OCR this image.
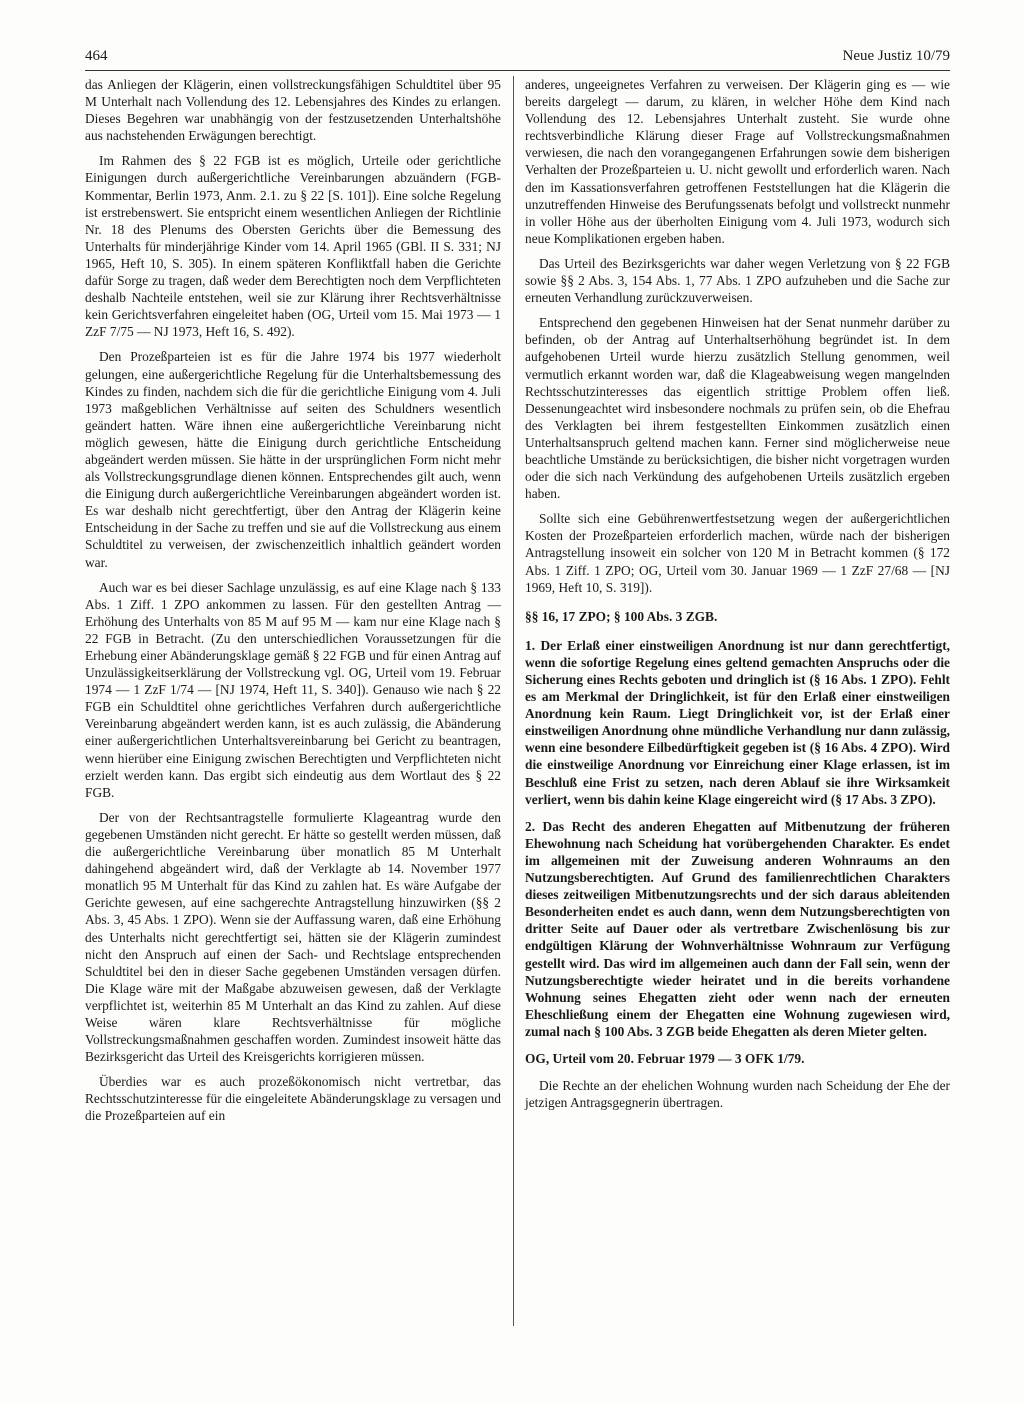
464	Neue Justiz 10/79

das Anliegen der Klägerin, einen vollstreckungsfähigen Schuldtitel über 95 M Unterhalt nach Vollendung des 12. Lebensjahres des Kindes zu erlangen. Dieses Begehren war unabhängig von der festzusetzenden Unterhaltshöhe aus nachstehenden Erwägungen berechtigt.

Im Rahmen des § 22 FGB ist es möglich, Urteile oder gerichtliche Einigungen durch außergerichtliche Vereinbarungen abzuändern (FGB-Kommentar, Berlin 1973, Anm. 2.1. zu § 22 [S. 101]). Eine solche Regelung ist erstrebenswert. Sie entspricht einem wesentlichen Anliegen der Richtlinie Nr. 18 des Plenums des Obersten Gerichts über die Bemessung des Unterhalts für minderjährige Kinder vom 14. April 1965 (GBl. II S. 331; NJ 1965, Heft 10, S. 305). In einem späteren Konfliktfall haben die Gerichte dafür Sorge zu tragen, daß weder dem Berechtigten noch dem Verpflichteten deshalb Nachteile entstehen, weil sie zur Klärung ihrer Rechtsverhältnisse kein Gerichtsverfahren eingeleitet haben (OG, Urteil vom 15. Mai 1973 — 1 ZzF 7/75 — NJ 1973, Heft 16, S. 492).

Den Prozeßparteien ist es für die Jahre 1974 bis 1977 wiederholt gelungen, eine außergerichtliche Regelung für die Unterhaltsbemessung des Kindes zu finden, nachdem sich die für die gerichtliche Einigung vom 4. Juli 1973 maßgeblichen Verhältnisse auf seiten des Schuldners wesentlich geändert hatten. Wäre ihnen eine außergerichtliche Vereinbarung nicht möglich gewesen, hätte die Einigung durch gerichtliche Entscheidung abgeändert werden müssen. Sie hätte in der ursprünglichen Form nicht mehr als Vollstreckungsgrundlage dienen können. Entsprechendes gilt auch, wenn die Einigung durch außergerichtliche Vereinbarungen abgeändert worden ist. Es war deshalb nicht gerechtfertigt, über den Antrag der Klägerin keine Entscheidung in der Sache zu treffen und sie auf die Vollstreckung aus einem Schuldtitel zu verweisen, der zwischenzeitlich inhaltlich geändert worden war.

Auch war es bei dieser Sachlage unzulässig, es auf eine Klage nach § 133 Abs. 1 Ziff. 1 ZPO ankommen zu lassen. Für den gestellten Antrag — Erhöhung des Unterhalts von 85 M auf 95 M — kam nur eine Klage nach § 22 FGB in Betracht. (Zu den unterschiedlichen Voraussetzungen für die Erhebung einer Abänderungsklage gemäß § 22 FGB und für einen Antrag auf Unzulässigkeitserklärung der Vollstreckung vgl. OG, Urteil vom 19. Februar 1974 — 1 ZzF 1/74 — [NJ 1974, Heft 11, S. 340]). Genauso wie nach § 22 FGB ein Schuldtitel ohne gerichtliches Verfahren durch außergerichtliche Vereinbarung abgeändert werden kann, ist es auch zulässig, die Abänderung einer außergerichtlichen Unterhaltsvereinbarung bei Gericht zu beantragen, wenn hierüber eine Einigung zwischen Berechtigten und Verpflichteten nicht erzielt werden kann. Das ergibt sich eindeutig aus dem Wortlaut des § 22 FGB.

Der von der Rechtsantragstelle formulierte Klageantrag wurde den gegebenen Umständen nicht gerecht. Er hätte so gestellt werden müssen, daß die außergerichtliche Vereinbarung über monatlich 85 M Unterhalt dahingehend abgeändert wird, daß der Verklagte ab 14. November 1977 monatlich 95 M Unterhalt für das Kind zu zahlen hat. Es wäre Aufgabe der Gerichte gewesen, auf eine sachgerechte Antragstellung hinzuwirken (§§ 2 Abs. 3, 45 Abs. 1 ZPO). Wenn sie der Auffassung waren, daß eine Erhöhung des Unterhalts nicht gerechtfertigt sei, hätten sie der Klägerin zumindest nicht den Anspruch auf einen der Sach- und Rechtslage entsprechenden Schuldtitel bei den in dieser Sache gegebenen Umständen versagen dürfen. Die Klage wäre mit der Maßgabe abzuweisen gewesen, daß der Verklagte verpflichtet ist, weiterhin 85 M Unterhalt an das Kind zu zahlen. Auf diese Weise wären klare Rechtsverhältnisse für mögliche Vollstreckungsmaßnahmen geschaffen worden. Zumindest insoweit hätte das Bezirksgericht das Urteil des Kreisgerichts korrigieren müssen.

Überdies war es auch prozeßökonomisch nicht vertretbar, das Rechtsschutzinteresse für die eingeleitete Abänderungsklage zu versagen und die Prozeßparteien auf ein

anderes, ungeeignetes Verfahren zu verweisen. Der Klägerin ging es — wie bereits dargelegt — darum, zu klären, in welcher Höhe dem Kind nach Vollendung des 12. Lebensjahres Unterhalt zusteht. Sie wurde ohne rechtsverbindliche Klärung dieser Frage auf Vollstreckungsmaßnahmen verwiesen, die nach den vorangegangenen Erfahrungen sowie dem bisherigen Verhalten der Prozeßparteien u. U. nicht gewollt und erforderlich waren. Nach den im Kassationsverfahren getroffenen Feststellungen hat die Klägerin die unzutreffenden Hinweise des Berufungssenats befolgt und vollstreckt nunmehr in voller Höhe aus der überholten Einigung vom 4. Juli 1973, wodurch sich neue Komplikationen ergeben haben.

Das Urteil des Bezirksgerichts war daher wegen Verletzung von § 22 FGB sowie §§ 2 Abs. 3, 154 Abs. 1, 77 Abs. 1 ZPO aufzuheben und die Sache zur erneuten Verhandlung zurückzuverweisen.

Entsprechend den gegebenen Hinweisen hat der Senat nunmehr darüber zu befinden, ob der Antrag auf Unterhaltserhöhung begründet ist. In dem aufgehobenen Urteil wurde hierzu zusätzlich Stellung genommen, weil vermutlich erkannt worden war, daß die Klageabweisung wegen mangelnden Rechtsschutzinteresses das eigentlich strittige Problem offen ließ. Dessenungeachtet wird insbesondere nochmals zu prüfen sein, ob die Ehefrau des Verklagten bei ihrem festgestellten Einkommen zusätzlich einen Unterhaltsanspruch geltend machen kann. Ferner sind möglicherweise neue beachtliche Umstände zu berücksichtigen, die bisher nicht vorgetragen wurden oder die sich nach Verkündung des aufgehobenen Urteils zusätzlich ergeben haben.

Sollte sich eine Gebührenwertfestsetzung wegen der außergerichtlichen Kosten der Prozeßparteien erforderlich machen, würde nach der bisherigen Antragstellung insoweit ein solcher von 120 M in Betracht kommen (§ 172 Abs. 1 Ziff. 1 ZPO; OG, Urteil vom 30. Januar 1969 — 1 ZzF 27/68 — [NJ 1969, Heft 10, S. 319]).

§§ 16, 17 ZPO; § 100 Abs. 3 ZGB.

1. Der Erlaß einer einstweiligen Anordnung ist nur dann gerechtfertigt, wenn die sofortige Regelung eines geltend gemachten Anspruchs oder die Sicherung eines Rechts geboten und dringlich ist (§ 16 Abs. 1 ZPO). Fehlt es am Merkmal der Dringlichkeit, ist für den Erlaß einer einstweiligen Anordnung kein Raum. Liegt Dringlichkeit vor, ist der Erlaß einer einstweiligen Anordnung ohne mündliche Verhandlung nur dann zulässig, wenn eine besondere Eilbedürftigkeit gegeben ist (§ 16 Abs. 4 ZPO). Wird die einstweilige Anordnung vor Einreichung einer Klage erlassen, ist im Beschluß eine Frist zu setzen, nach deren Ablauf sie ihre Wirksamkeit verliert, wenn bis dahin keine Klage eingereicht wird (§ 17 Abs. 3 ZPO).

2. Das Recht des anderen Ehegatten auf Mitbenutzung der früheren Ehewohnung nach Scheidung hat vorübergehenden Charakter. Es endet im allgemeinen mit der Zuweisung anderen Wohnraums an den Nutzungsberechtigten. Auf Grund des familienrechtlichen Charakters dieses zeitweiligen Mitbenutzungsrechts und der sich daraus ableitenden Besonderheiten endet es auch dann, wenn dem Nutzungsberechtigten von dritter Seite auf Dauer oder als vertretbare Zwischenlösung bis zur endgültigen Klärung der Wohnverhältnisse Wohnraum zur Verfügung gestellt wird. Das wird im allgemeinen auch dann der Fall sein, wenn der Nutzungsberechtigte wieder heiratet und in die bereits vorhandene Wohnung seines Ehegatten zieht oder wenn nach der erneuten Eheschließung einem der Ehegatten eine Wohnung zugewiesen wird, zumal nach § 100 Abs. 3 ZGB beide Ehegatten als deren Mieter gelten.

OG, Urteil vom 20. Februar 1979 — 3 OFK 1/79.

Die Rechte an der ehelichen Wohnung wurden nach Scheidung der Ehe der jetzigen Antragsgegnerin übertragen.
